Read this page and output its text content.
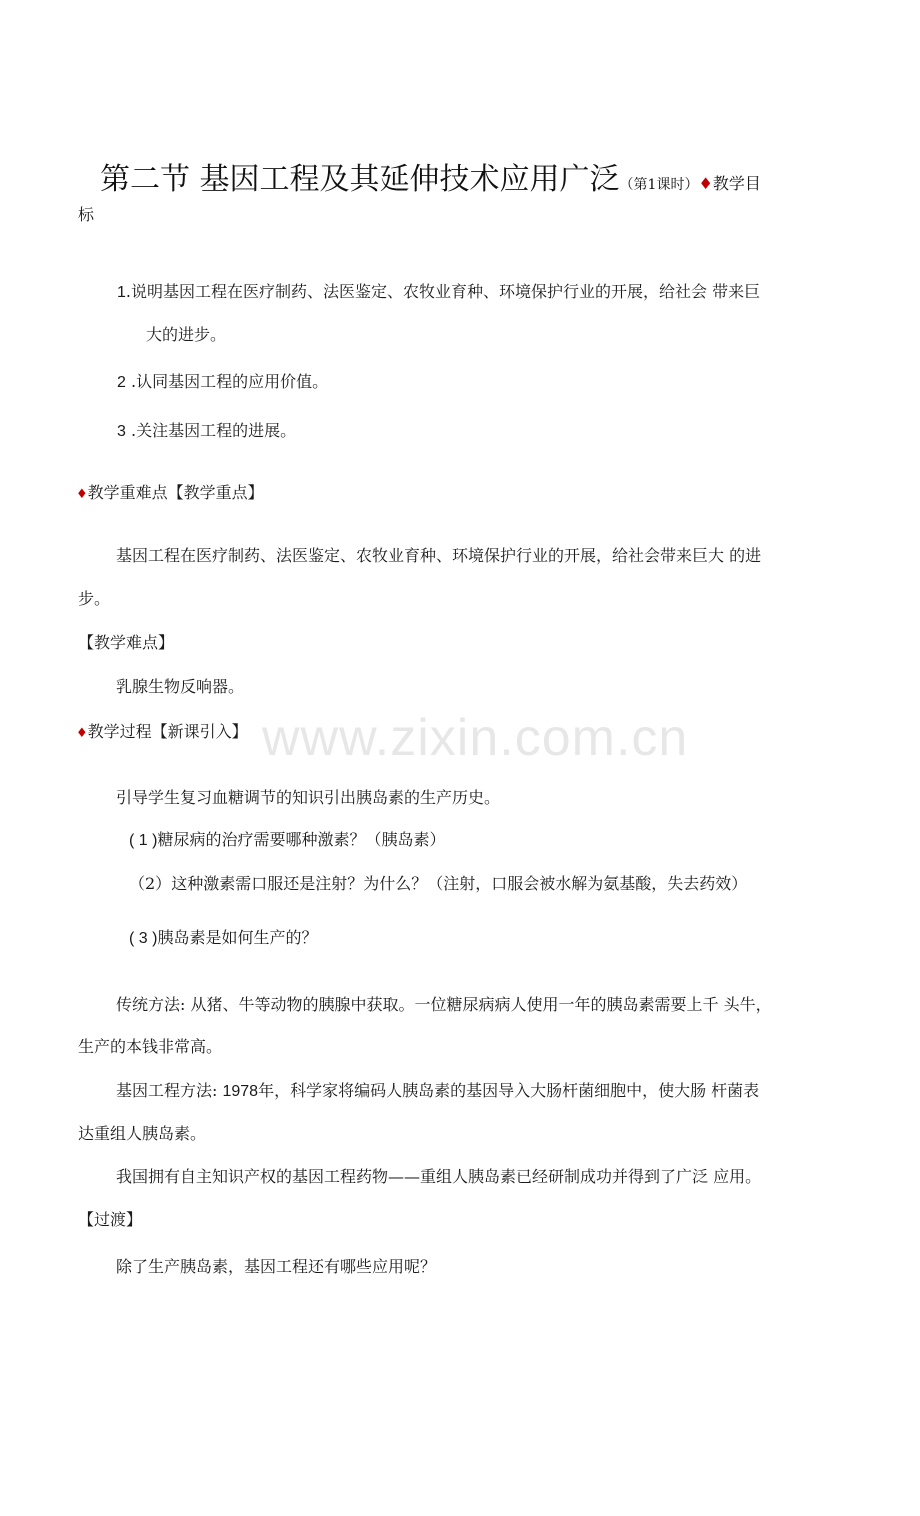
www.zixin.com.cn
第二节 基因工程及其延伸技术应用广泛（第1课时）♦教学目
标
1.说明基因工程在医疗制药、法医鉴定、农牧业育种、环境保护行业的开展，给社会 带来巨
大的进步。
2 .认同基因工程的应用价值。
3 .关注基因工程的进展。
♦教学重难点【教学重点】
基因工程在医疗制药、法医鉴定、农牧业育种、环境保护行业的开展，给社会带来巨大 的进
步。
【教学难点】
乳腺生物反响器。
♦教学过程【新课引入】
引导学生复习血糖调节的知识引出胰岛素的生产历史。
( 1 )糖尿病的治疗需要哪种激素？（胰岛素）
（2）这种激素需口服还是注射？为什么？（注射，口服会被水解为氨基酸，失去药效）
( 3 )胰岛素是如何生产的？
传统方法: 从猪、牛等动物的胰腺中获取。一位糖尿病病人使用一年的胰岛素需要上千 头牛，
生产的本钱非常高。
基因工程方法: 1978年，科学家将编码人胰岛素的基因导入大肠杆菌细胞中，使大肠 杆菌表
达重组人胰岛素。
我国拥有自主知识产权的基因工程药物——重组人胰岛素已经研制成功并得到了广泛 应用。
【过渡】
除了生产胰岛素，基因工程还有哪些应用呢？
